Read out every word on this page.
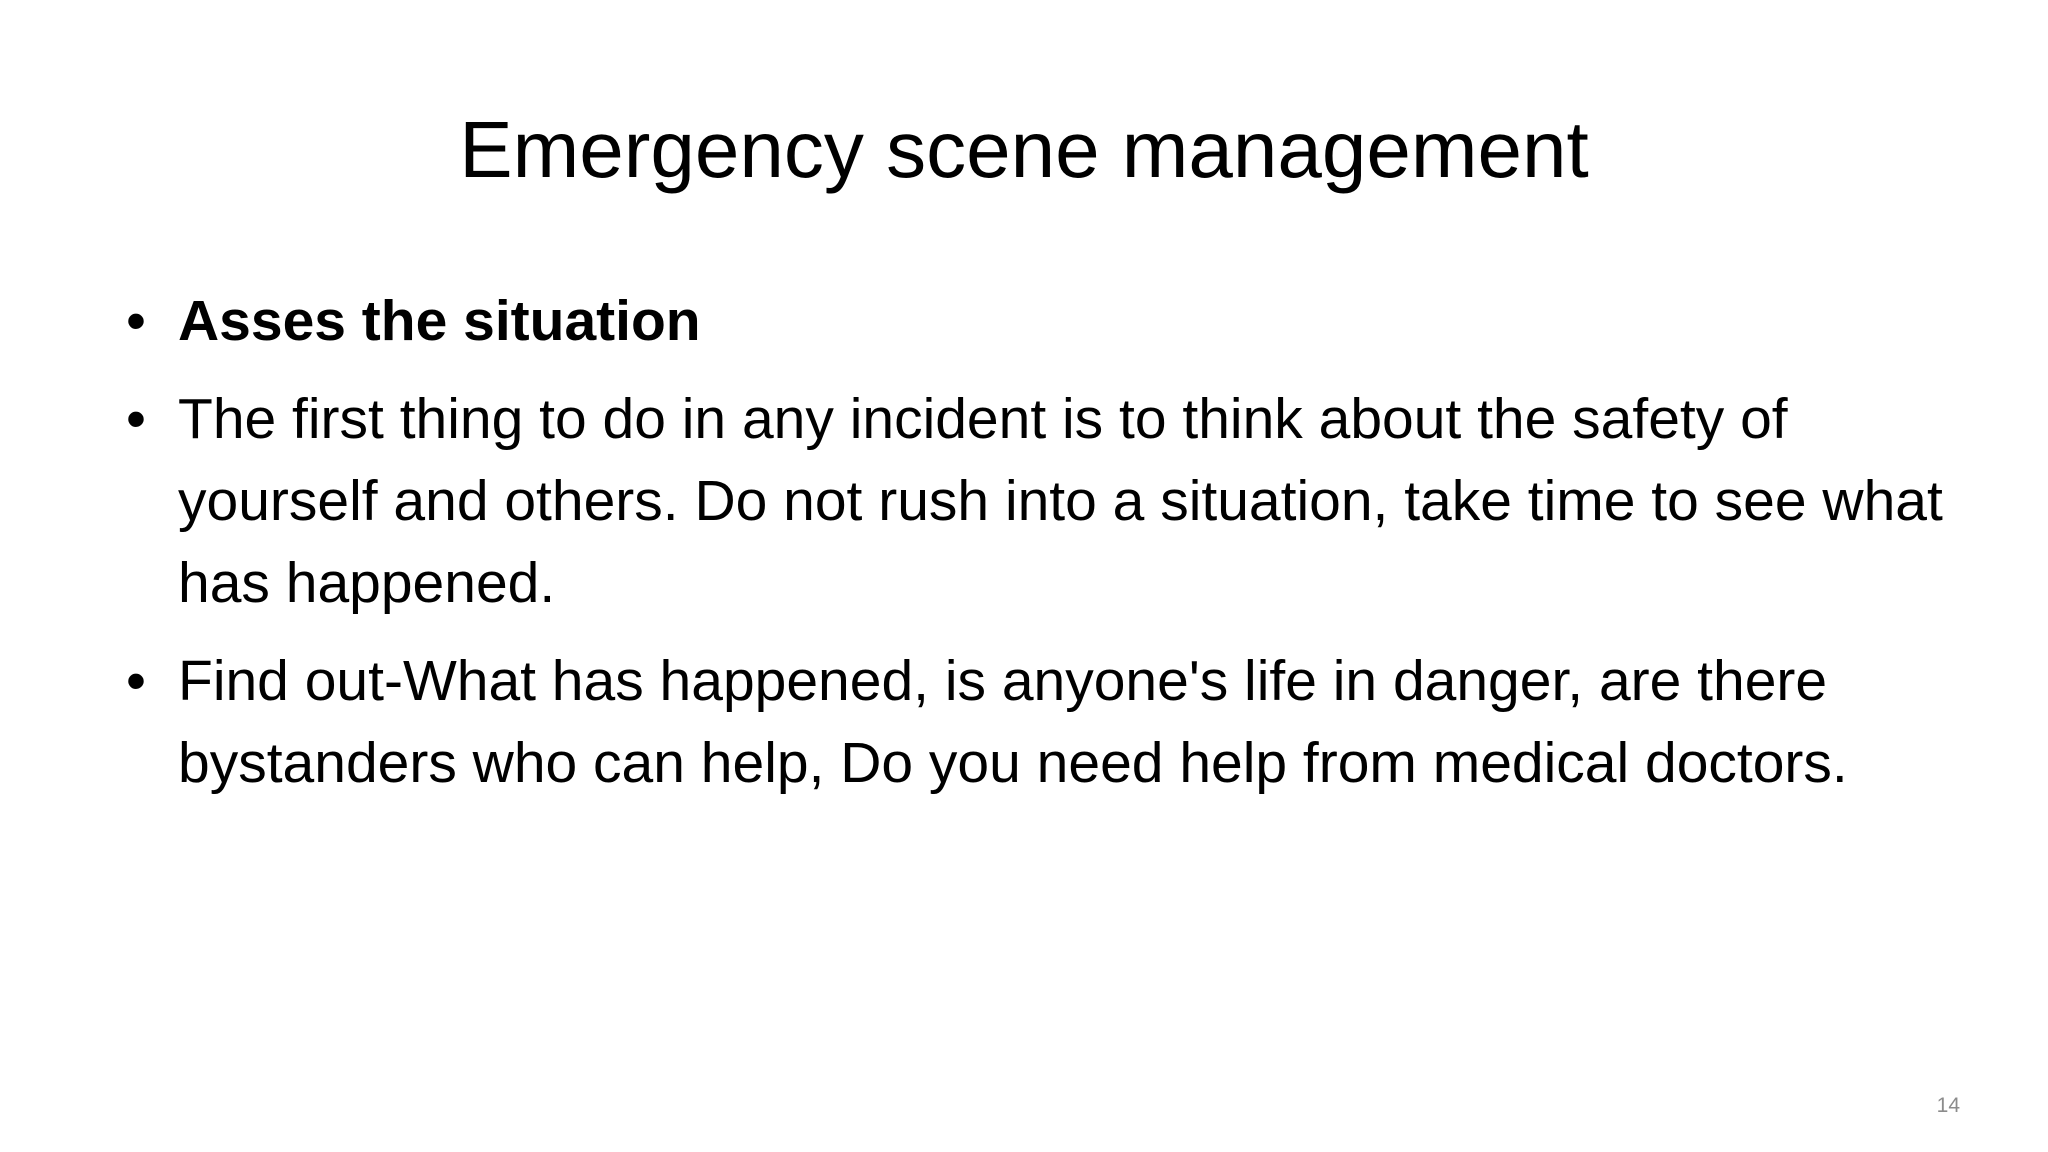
Emergency scene management
• Asses the situation
• The first thing to do in any incident is to think about the safety of yourself and others. Do not rush into a situation, take time to see what has happened.
• Find out-What has happened, is anyone's life in danger, are there bystanders who can help, Do you need help from medical doctors.
14
